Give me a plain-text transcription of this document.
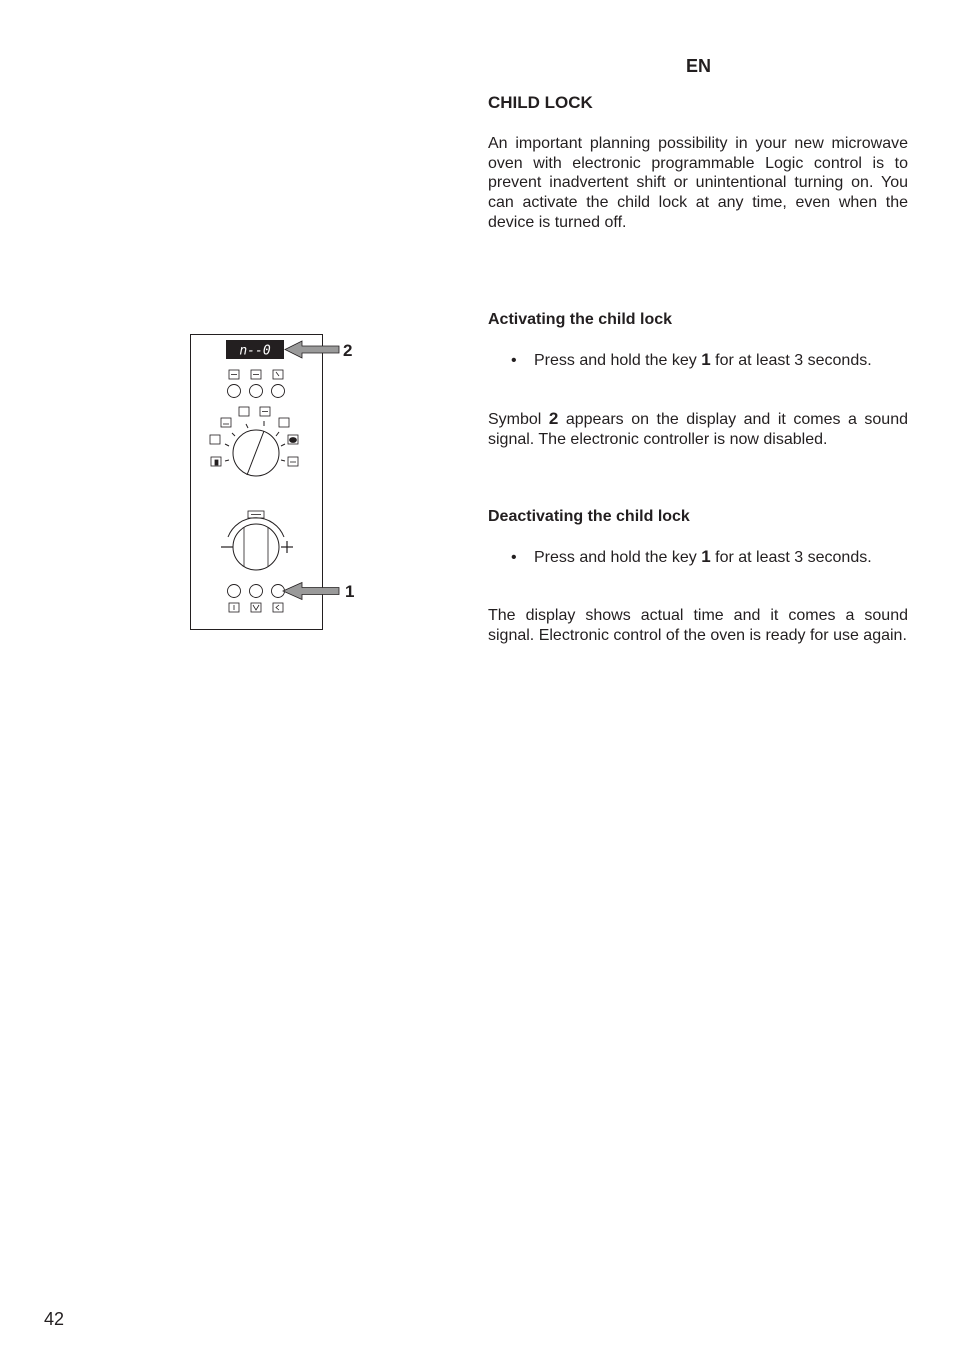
EN
CHILD LOCK

An important planning possibility in your new microwave oven with electronic programmable Logic control is to prevent inadvertent shift or unintentional turning on. You can activate the child lock at any time, even when the device is turned off.

Activating the child lock

• Press and hold the key 1 for at least 3 seconds.

Symbol 2 appears on the display and it comes a sound signal. The electronic controller is now disabled.

Deactivating the child lock

• Press and hold the key 1 for at least 3 seconds.

The display shows actual time and it comes a sound signal. Electronic control of the oven is ready for use again.

n--0	2
1
42
